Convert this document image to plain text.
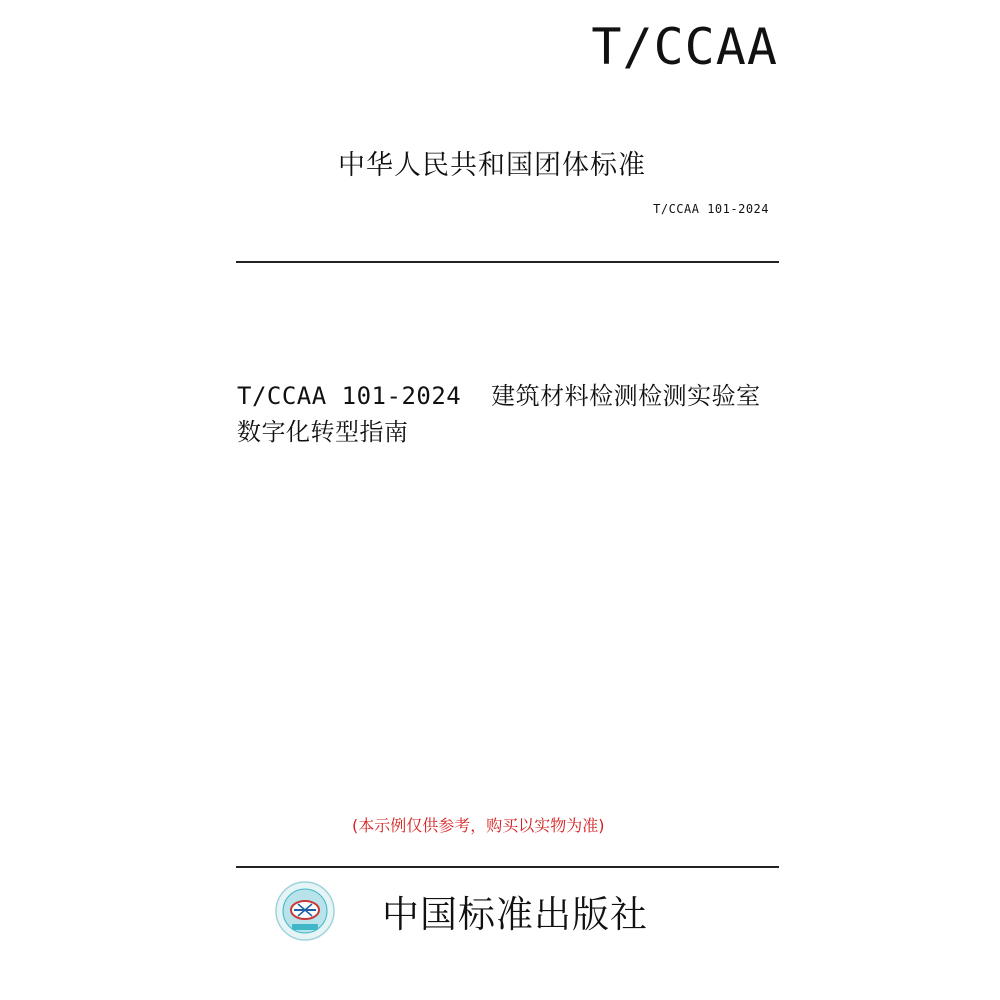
T/CCAA
中华人民共和国团体标准
T/CCAA 101-2024
T/CCAA 101-2024  建筑材料检测检测实验室数字化转型指南
(本示例仅供参考，购买以实物为准)
中国标准出版社
